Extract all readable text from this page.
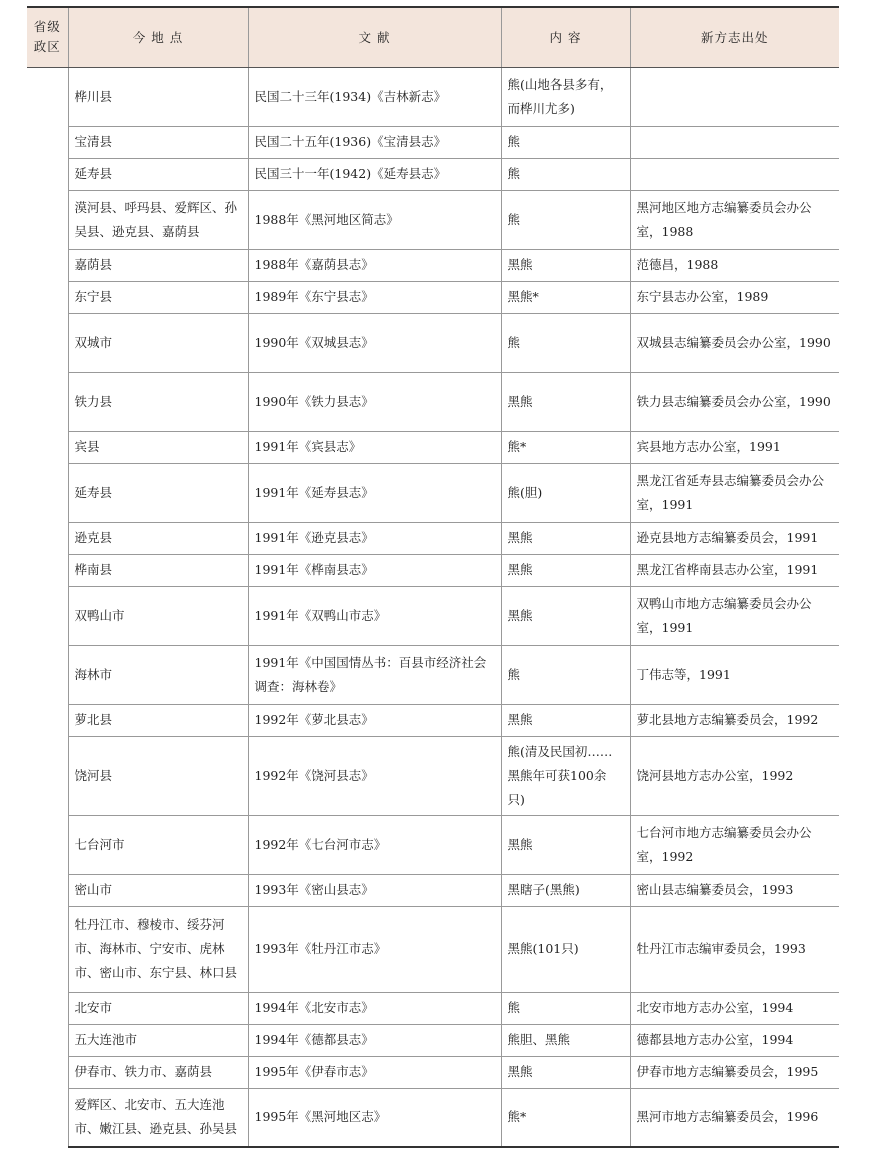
省级
政区	今 地 点	文 献	内 容	新方志出处
	桦川县	民国二十三年(1934)《吉林新志》	熊(山地各县多有，而桦川尤多)	
	宝清县	民国二十五年(1936)《宝清县志》	熊	
	延寿县	民国三十一年(1942)《延寿县志》	熊	
	漠河县、呼玛县、爱辉区、孙吴县、逊克县、嘉荫县	1988年《黑河地区简志》	熊	黑河地区地方志编纂委员会办公室，1988
	嘉荫县	1988年《嘉荫县志》	黑熊	范德昌，1988
	东宁县	1989年《东宁县志》	黑熊*	东宁县志办公室，1989
	双城市	1990年《双城县志》	熊	双城县志编纂委员会办公室，1990
	铁力县	1990年《铁力县志》	黑熊	铁力县志编纂委员会办公室，1990
	宾县	1991年《宾县志》	熊*	宾县地方志办公室，1991
	延寿县	1991年《延寿县志》	熊(胆)	黑龙江省延寿县志编纂委员会办公室，1991
	逊克县	1991年《逊克县志》	黑熊	逊克县地方志编纂委员会，1991
	桦南县	1991年《桦南县志》	黑熊	黑龙江省桦南县志办公室，1991
	双鸭山市	1991年《双鸭山市志》	黑熊	双鸭山市地方志编纂委员会办公室，1991
	海林市	1991年《中国国情丛书：百县市经济社会调查：海林卷》	熊	丁伟志等，1991
	萝北县	1992年《萝北县志》	黑熊	萝北县地方志编纂委员会，1992
	饶河县	1992年《饶河县志》	熊(清及民国初……黑熊年可获100余只)	饶河县地方志办公室，1992
	七台河市	1992年《七台河市志》	黑熊	七台河市地方志编纂委员会办公室，1992
	密山市	1993年《密山县志》	黑瞎子(黑熊)	密山县志编纂委员会，1993
	牡丹江市、穆棱市、绥芬河市、海林市、宁安市、虎林市、密山市、东宁县、林口县	1993年《牡丹江市志》	黑熊(101只)	牡丹江市志编审委员会，1993
	北安市	1994年《北安市志》	熊	北安市地方志办公室，1994
	五大连池市	1994年《德都县志》	熊胆、黑熊	德都县地方志办公室，1994
	伊春市、铁力市、嘉荫县	1995年《伊春市志》	黑熊	伊春市地方志编纂委员会，1995
	爱辉区、北安市、五大连池市、嫩江县、逊克县、孙吴县	1995年《黑河地区志》	熊*	黑河市地方志编纂委员会，1996
